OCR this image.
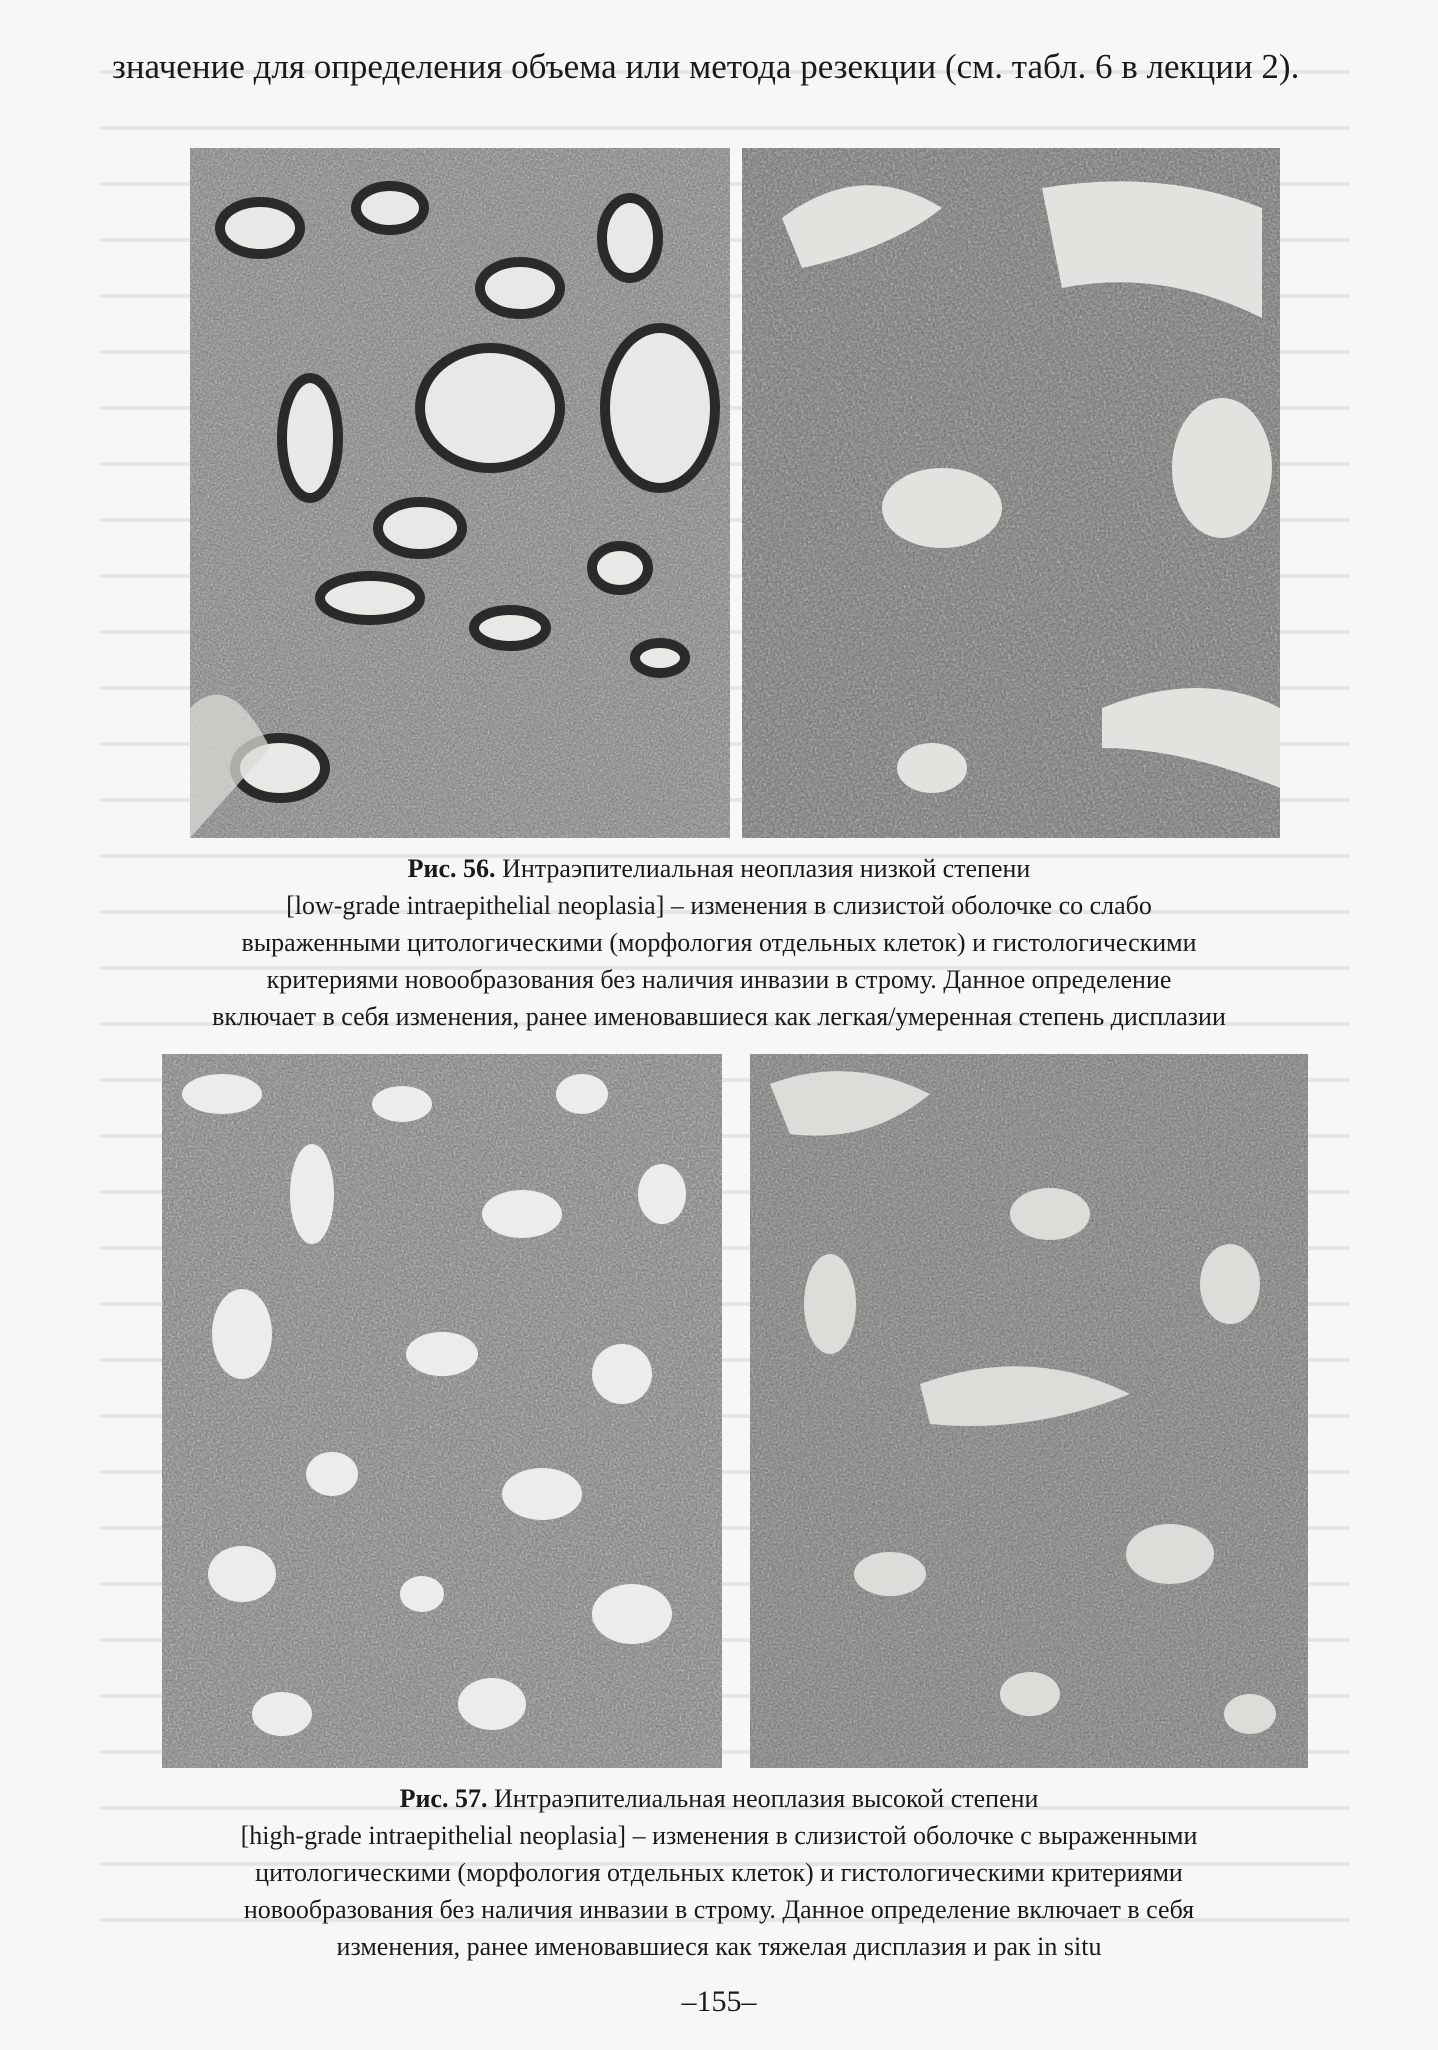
значение для определения объема или метода резекции (см. табл. 6 в лекции 2).

Рис. 56. Интраэпителиальная неоплазия низкой степени
[low-grade intraepithelial neoplasia] – изменения в слизистой оболочке со слабо
выраженными цитологическими (морфология отдельных клеток) и гистологическими
критериями новообразования без наличия инвазии в строму. Данное определение
включает в себя изменения, ранее именовавшиеся как легкая/умеренная степень дисплазии

Рис. 57. Интраэпителиальная неоплазия высокой степени
[high-grade intraepithelial neoplasia] – изменения в слизистой оболочке с выраженными
цитологическими (морфология отдельных клеток) и гистологическими критериями
новообразования без наличия инвазии в строму. Данное определение включает в себя
изменения, ранее именовавшиеся как тяжелая дисплазия и рак in situ

–155–
